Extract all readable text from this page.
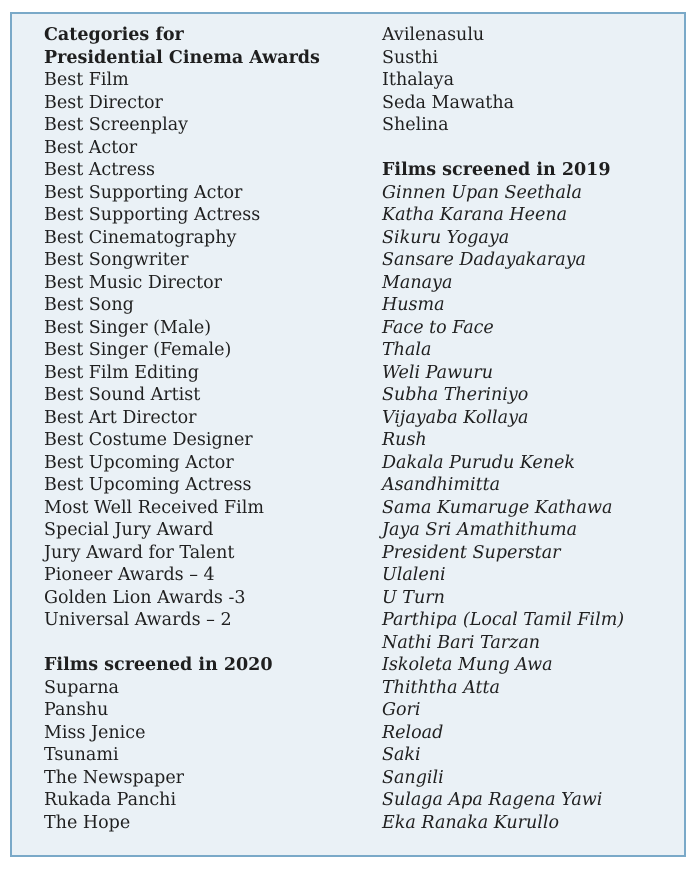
Categories for
Presidential Cinema Awards
Best Film
Best Director
Best Screenplay
Best Actor
Best Actress
Best Supporting Actor
Best Supporting Actress
Best Cinematography
Best Songwriter
Best Music Director
Best Song
Best Singer (Male)
Best Singer (Female)
Best Film Editing
Best Sound Artist
Best Art Director
Best Costume Designer
Best Upcoming Actor
Best Upcoming Actress
Most Well Received Film
Special Jury Award
Jury Award for Talent
Pioneer Awards – 4
Golden Lion Awards -3
Universal Awards – 2
Films screened in 2020
Suparna
Panshu
Miss Jenice
Tsunami
The Newspaper
Rukada Panchi
The Hope
Avilenasulu
Susthi
Ithalaya
Seda Mawatha
Shelina
Films screened in 2019
Ginnen Upan Seethala
Katha Karana Heena
Sikuru Yogaya
Sansare Dadayakaraya
Manaya
Husma
Face to Face
Thala
Weli Pawuru
Subha Theriniyo
Vijayaba Kollaya
Rush
Dakala Purudu Kenek
Asandhimitta
Sama Kumaruge Kathawa
Jaya Sri Amathithuma
President Superstar
Ulaleni
U Turn
Parthipa (Local Tamil Film)
Nathi Bari Tarzan
Iskoleta Mung Awa
Thiththa Atta
Gori
Reload
Saki
Sangili
Sulaga Apa Ragena Yawi
Eka Ranaka Kurullo
